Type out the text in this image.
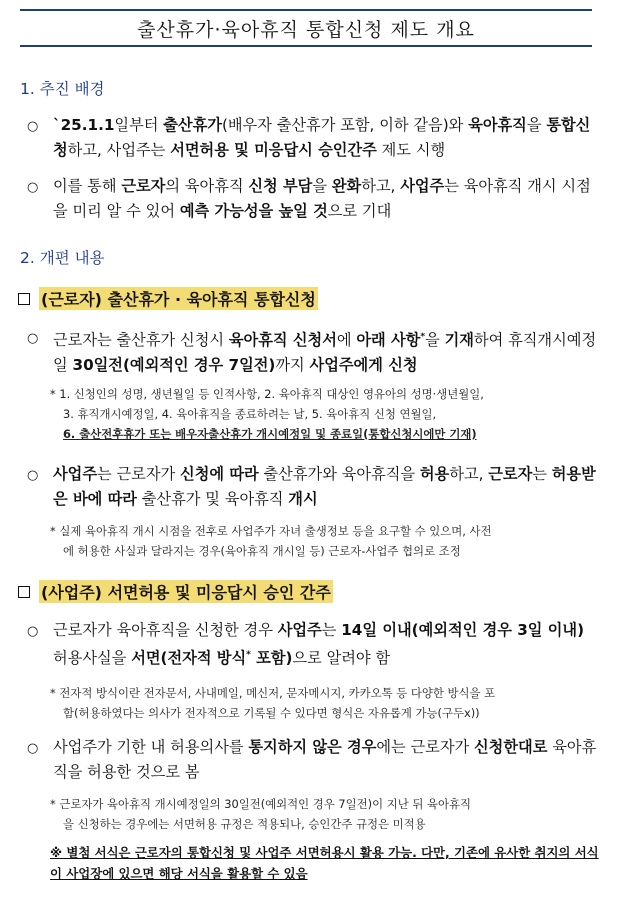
출산휴가·육아휴직 통합신청 제도 개요
1. 추진 배경
○ `25.1.1일부터 출산휴가(배우자 출산휴가 포함, 이하 같음)와 육아휴직을 통합신청하고, 사업주는 서면허용 및 미응답시 승인간주 제도 시행
○ 이를 통해 근로자의 육아휴직 신청 부담을 완화하고, 사업주는 육아휴직 개시 시점을 미리 알 수 있어 예측 가능성을 높일 것으로 기대
2. 개편 내용
(근로자) 출산휴가 · 육아휴직 통합신청
○ 근로자는 출산휴가 신청시 육아휴직 신청서에 아래 사항*을 기재하여 휴직개시예정일 30일전(예외적인 경우 7일전)까지 사업주에게 신청
* 1. 신청인의 성명, 생년월일 등 인적사항, 2. 육아휴직 대상인 영유아의 성명·생년월일,
3. 휴직개시예정일, 4. 육아휴직을 종료하려는 날, 5. 육아휴직 신청 연월일,
6. 출산전후휴가 또는 배우자출산휴가 개시예정일 및 종료일(통합신청시에만 기재)
○ 사업주는 근로자가 신청에 따라 출산휴가와 육아휴직을 허용하고, 근로자는 허용받은 바에 따라 출산휴가 및 육아휴직 개시
* 실제 육아휴직 개시 시점을 전후로 사업주가 자녀 출생정보 등을 요구할 수 있으며, 사전
에 허용한 사실과 달라지는 경우(육아휴직 개시일 등) 근로자-사업주 협의로 조정
(사업주) 서면허용 및 미응답시 승인 간주
○ 근로자가 육아휴직을 신청한 경우 사업주는 14일 이내(예외적인 경우 3일 이내) 허용사실을 서면(전자적 방식* 포함)으로 알려야 함
* 전자적 방식이란 전자문서, 사내메일, 메신저, 문자메시지, 카카오톡 등 다양한 방식을 포
함(허용하였다는 의사가 전자적으로 기록될 수 있다면 형식은 자유롭게 가능(구두x))
○ 사업주가 기한 내 허용의사를 통지하지 않은 경우에는 근로자가 신청한대로 육아휴직을 허용한 것으로 봄
* 근로자가 육아휴직 개시예정일의 30일전(예외적인 경우 7일전)이 지난 뒤 육아휴직
을 신청하는 경우에는 서면허용 규정은 적용되나, 승인간주 규정은 미적용
※ 별첨 서식은 근로자의 통합신청 및 사업주 서면허용시 활용 가능. 다만, 기존에 유사한 취지의 서식이 사업장에 있으면 해당 서식을 활용할 수 있음
